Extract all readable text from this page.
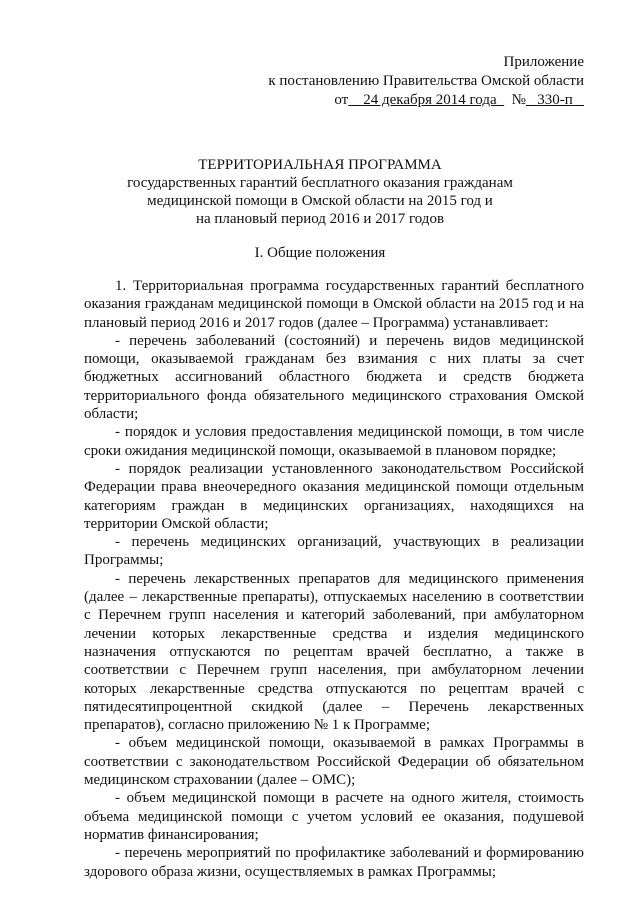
Приложение
к постановлению Правительства Омской области
от 24 декабря 2014 года № 330-п
ТЕРРИТОРИАЛЬНАЯ ПРОГРАММА
государственных гарантий бесплатного оказания гражданам
медицинской помощи в Омской области на 2015 год и
на плановый период 2016 и 2017 годов
I. Общие положения

1. Территориальная программа государственных гарантий бесплатного оказания гражданам медицинской помощи в Омской области на 2015 год и на плановый период 2016 и 2017 годов (далее – Программа) устанавливает:

- перечень заболеваний (состояний) и перечень видов медицинской помощи, оказываемой гражданам без взимания с них платы за счет бюджетных ассигнований областного бюджета и средств бюджета территориального фонда обязательного медицинского страхования Омской области;

- порядок и условия предоставления медицинской помощи, в том числе сроки ожидания медицинской помощи, оказываемой в плановом порядке;

- порядок реализации установленного законодательством Российской Федерации права внеочередного оказания медицинской помощи отдельным категориям граждан в медицинских организациях, находящихся на территории Омской области;

- перечень медицинских организаций, участвующих в реализации Программы;

- перечень лекарственных препаратов для медицинского применения (далее – лекарственные препараты), отпускаемых населению в соответствии с Перечнем групп населения и категорий заболеваний, при амбулаторном лечении которых лекарственные средства и изделия медицинского назначения отпускаются по рецептам врачей бесплатно, а также в соответствии с Перечнем групп населения, при амбулаторном лечении которых лекарственные средства отпускаются по рецептам врачей с пятидесятипроцентной скидкой (далее – Перечень лекарственных препаратов), согласно приложению № 1 к Программе;

- объем медицинской помощи, оказываемой в рамках Программы в соответствии с законодательством Российской Федерации об обязательном медицинском страховании (далее – ОМС);

- объем медицинской помощи в расчете на одного жителя, стоимость объема медицинской помощи с учетом условий ее оказания, подушевой норматив финансирования;

- перечень мероприятий по профилактике заболеваний и формированию здорового образа жизни, осуществляемых в рамках Программы;
